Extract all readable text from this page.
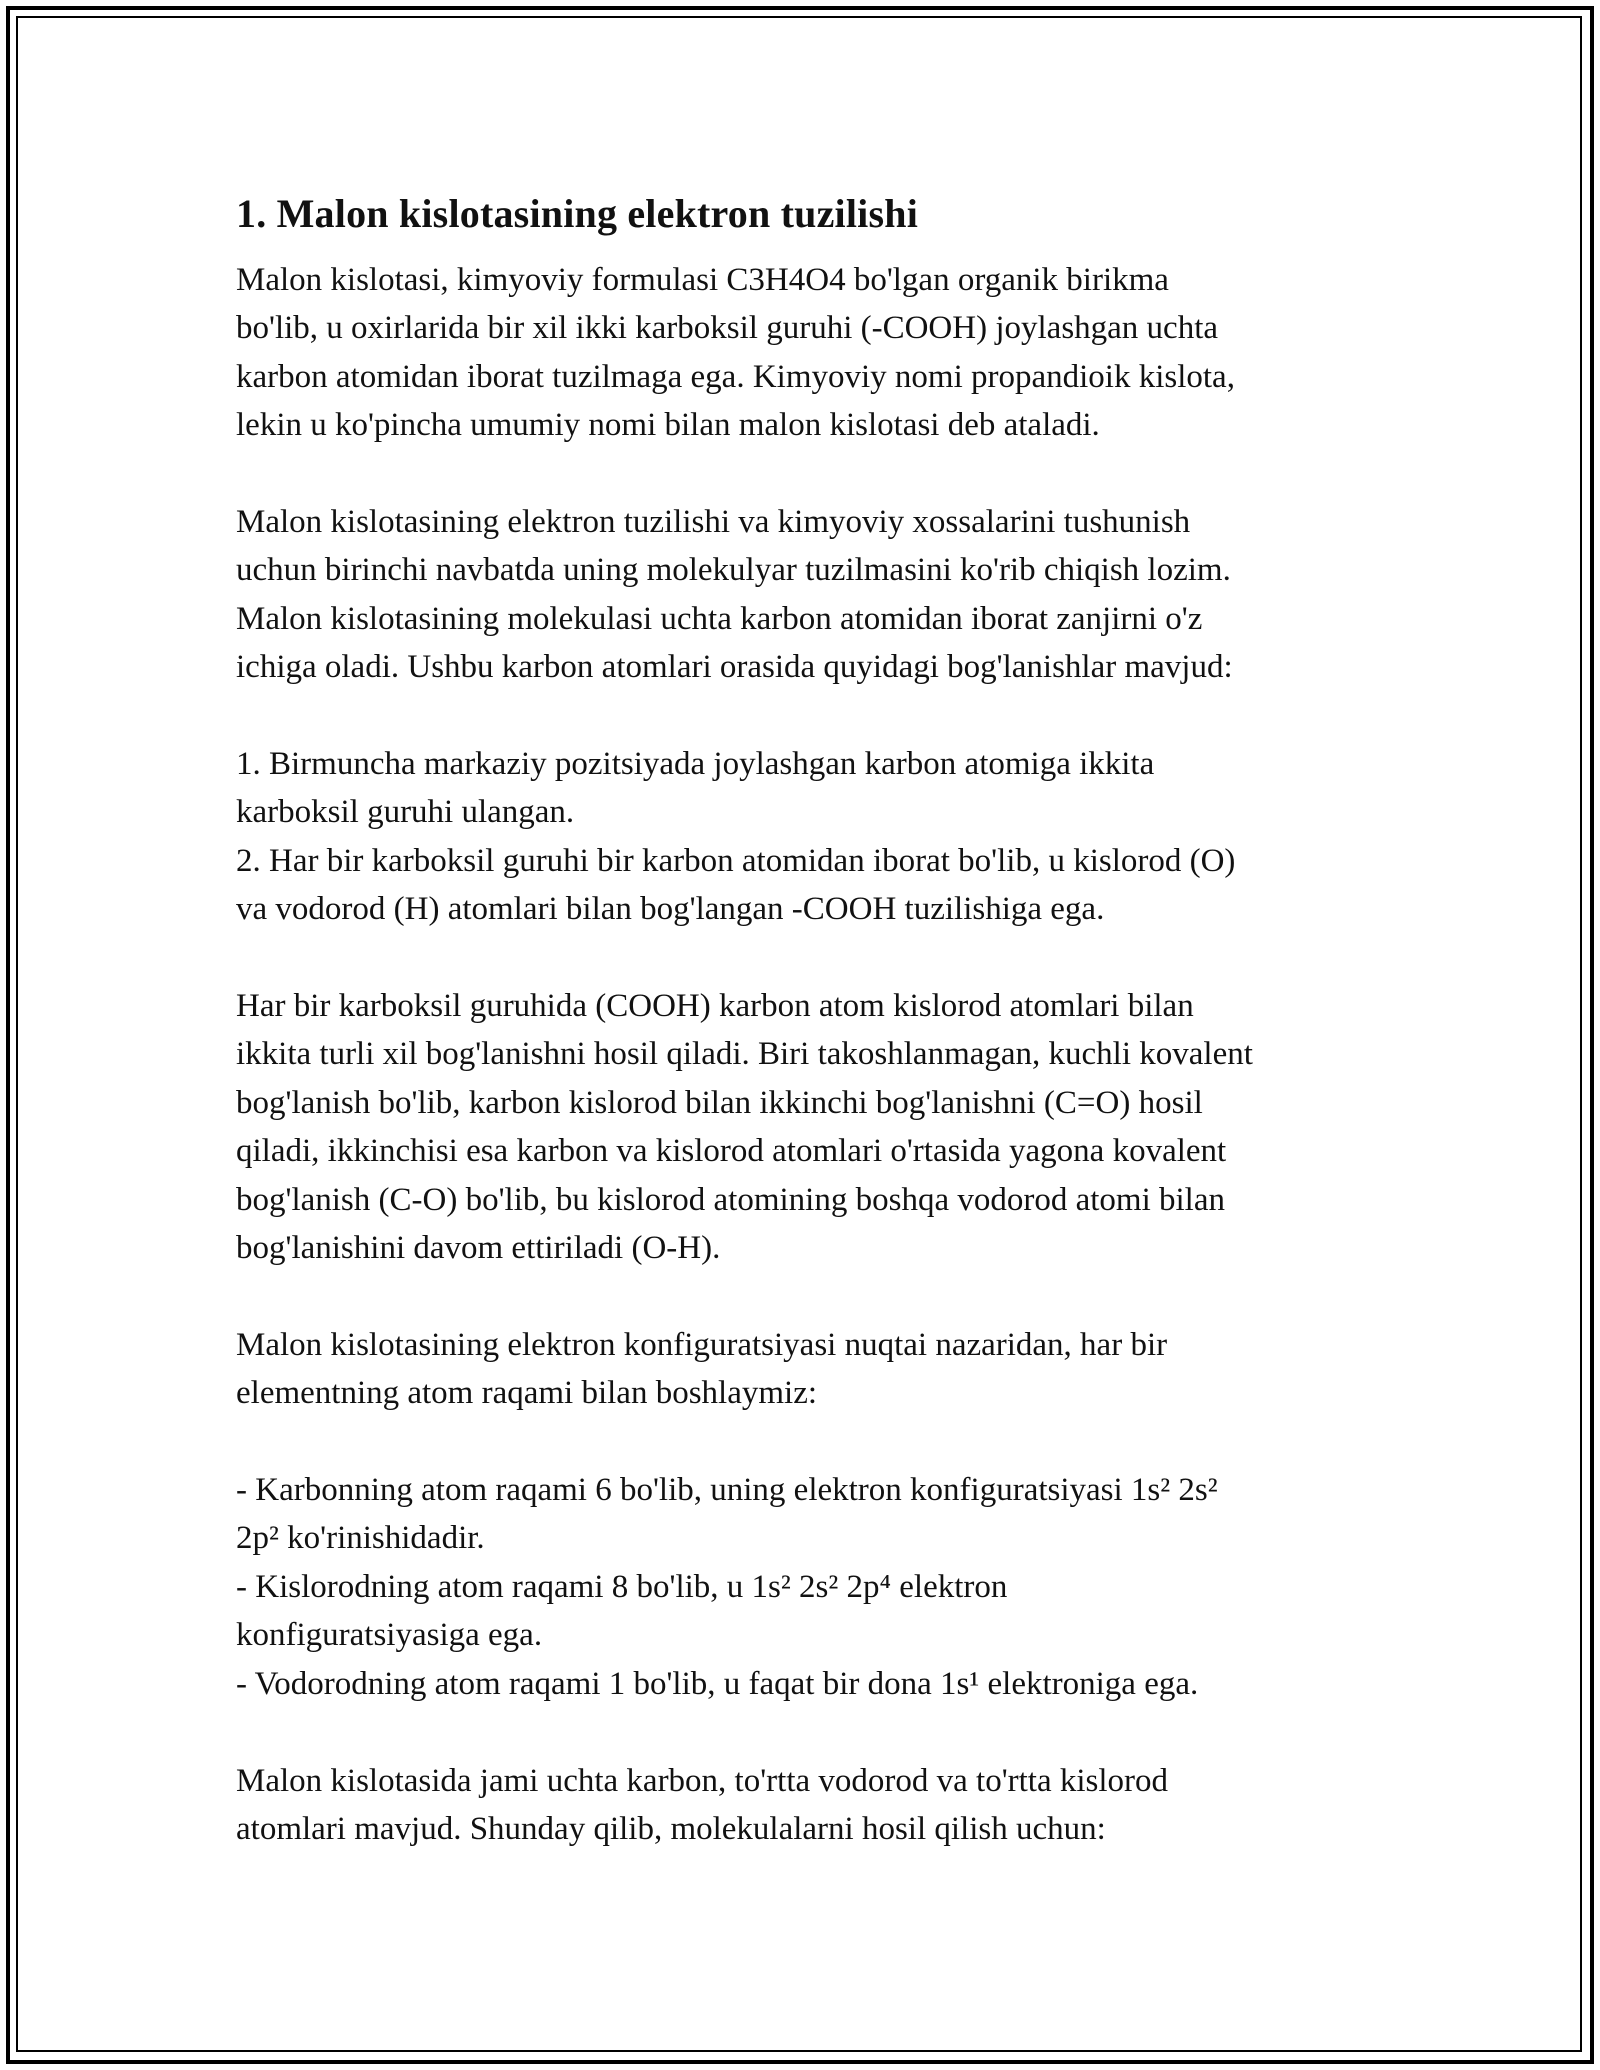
1. Malon kislotasining elektron tuzilishi
Malon kislotasi, kimyoviy formulasi C3H4O4 bo'lgan organik birikma
bo'lib, u oxirlarida bir xil ikki karboksil guruhi (-COOH) joylashgan uchta
karbon atomidan iborat tuzilmaga ega. Kimyoviy nomi propandioik kislota,
lekin u ko'pincha umumiy nomi bilan malon kislotasi deb ataladi.
Malon kislotasining elektron tuzilishi va kimyoviy xossalarini tushunish
uchun birinchi navbatda uning molekulyar tuzilmasini ko'rib chiqish lozim.
Malon kislotasining molekulasi uchta karbon atomidan iborat zanjirni o'z
ichiga oladi. Ushbu karbon atomlari orasida quyidagi bog'lanishlar mavjud:
1. Birmuncha markaziy pozitsiyada joylashgan karbon atomiga ikkita
karboksil guruhi ulangan.
2. Har bir karboksil guruhi bir karbon atomidan iborat bo'lib, u kislorod (O)
va vodorod (H) atomlari bilan bog'langan -COOH tuzilishiga ega.
Har bir karboksil guruhida (COOH) karbon atom kislorod atomlari bilan
ikkita turli xil bog'lanishni hosil qiladi. Biri takoshlanmagan, kuchli kovalent
bog'lanish bo'lib, karbon kislorod bilan ikkinchi bog'lanishni (C=O) hosil
qiladi, ikkinchisi esa karbon va kislorod atomlari o'rtasida yagona kovalent
bog'lanish (C-O) bo'lib, bu kislorod atomining boshqa vodorod atomi bilan
bog'lanishini davom ettiriladi (O-H).
Malon kislotasining elektron konfiguratsiyasi nuqtai nazaridan, har bir
elementning atom raqami bilan boshlaymiz:
- Karbonning atom raqami 6 bo'lib, uning elektron konfiguratsiyasi 1s² 2s²
2p² ko'rinishidadir.
- Kislorodning atom raqami 8 bo'lib, u 1s² 2s² 2p⁴ elektron
konfiguratsiyasiga ega.
- Vodorodning atom raqami 1 bo'lib, u faqat bir dona 1s¹ elektroniga ega.
Malon kislotasida jami uchta karbon, to'rtta vodorod va to'rtta kislorod
atomlari mavjud. Shunday qilib, molekulalarni hosil qilish uchun:
